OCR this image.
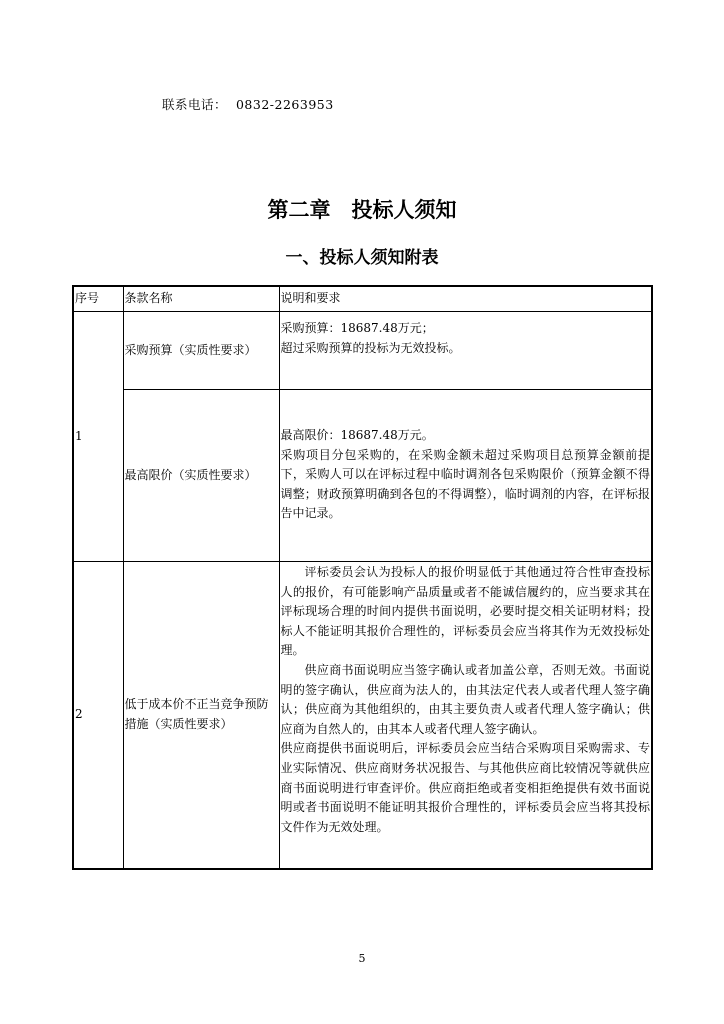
联系电话： 0832-2263953
第二章　投标人须知
一、投标人须知附表
序号	条款名称	说明和要求
1	采购预算（实质性要求）	采购预算：18687.48万元；
超过采购预算的投标为无效投标。

	最高限价（实质性要求）	最高限价：18687.48万元。
采购项目分包采购的，在采购金额未超过采购项目总预算金额前提下，采购人可以在评标过程中临时调剂各包采购限价（预算金额不得调整；财政预算明确到各包的不得调整），临时调剂的内容，在评标报告中记录。

2	低于成本价不正当竞争预防措施（实质性要求）	评标委员会认为投标人的报价明显低于其他通过符合性审查投标人的报价，有可能影响产品质量或者不能诚信履约的，应当要求其在评标现场合理的时间内提供书面说明，必要时提交相关证明材料；投标人不能证明其报价合理性的，评标委员会应当将其作为无效投标处理。
供应商书面说明应当签字确认或者加盖公章，否则无效。书面说明的签字确认，供应商为法人的，由其法定代表人或者代理人签字确认；供应商为其他组织的，由其主要负责人或者代理人签字确认；供应商为自然人的，由其本人或者代理人签字确认。
供应商提供书面说明后，评标委员会应当结合采购项目采购需求、专业实际情况、供应商财务状况报告、与其他供应商比较情况等就供应商书面说明进行审查评价。供应商拒绝或者变相拒绝提供有效书面说明或者书面说明不能证明其报价合理性的，评标委员会应当将其投标文件作为无效处理。
5
